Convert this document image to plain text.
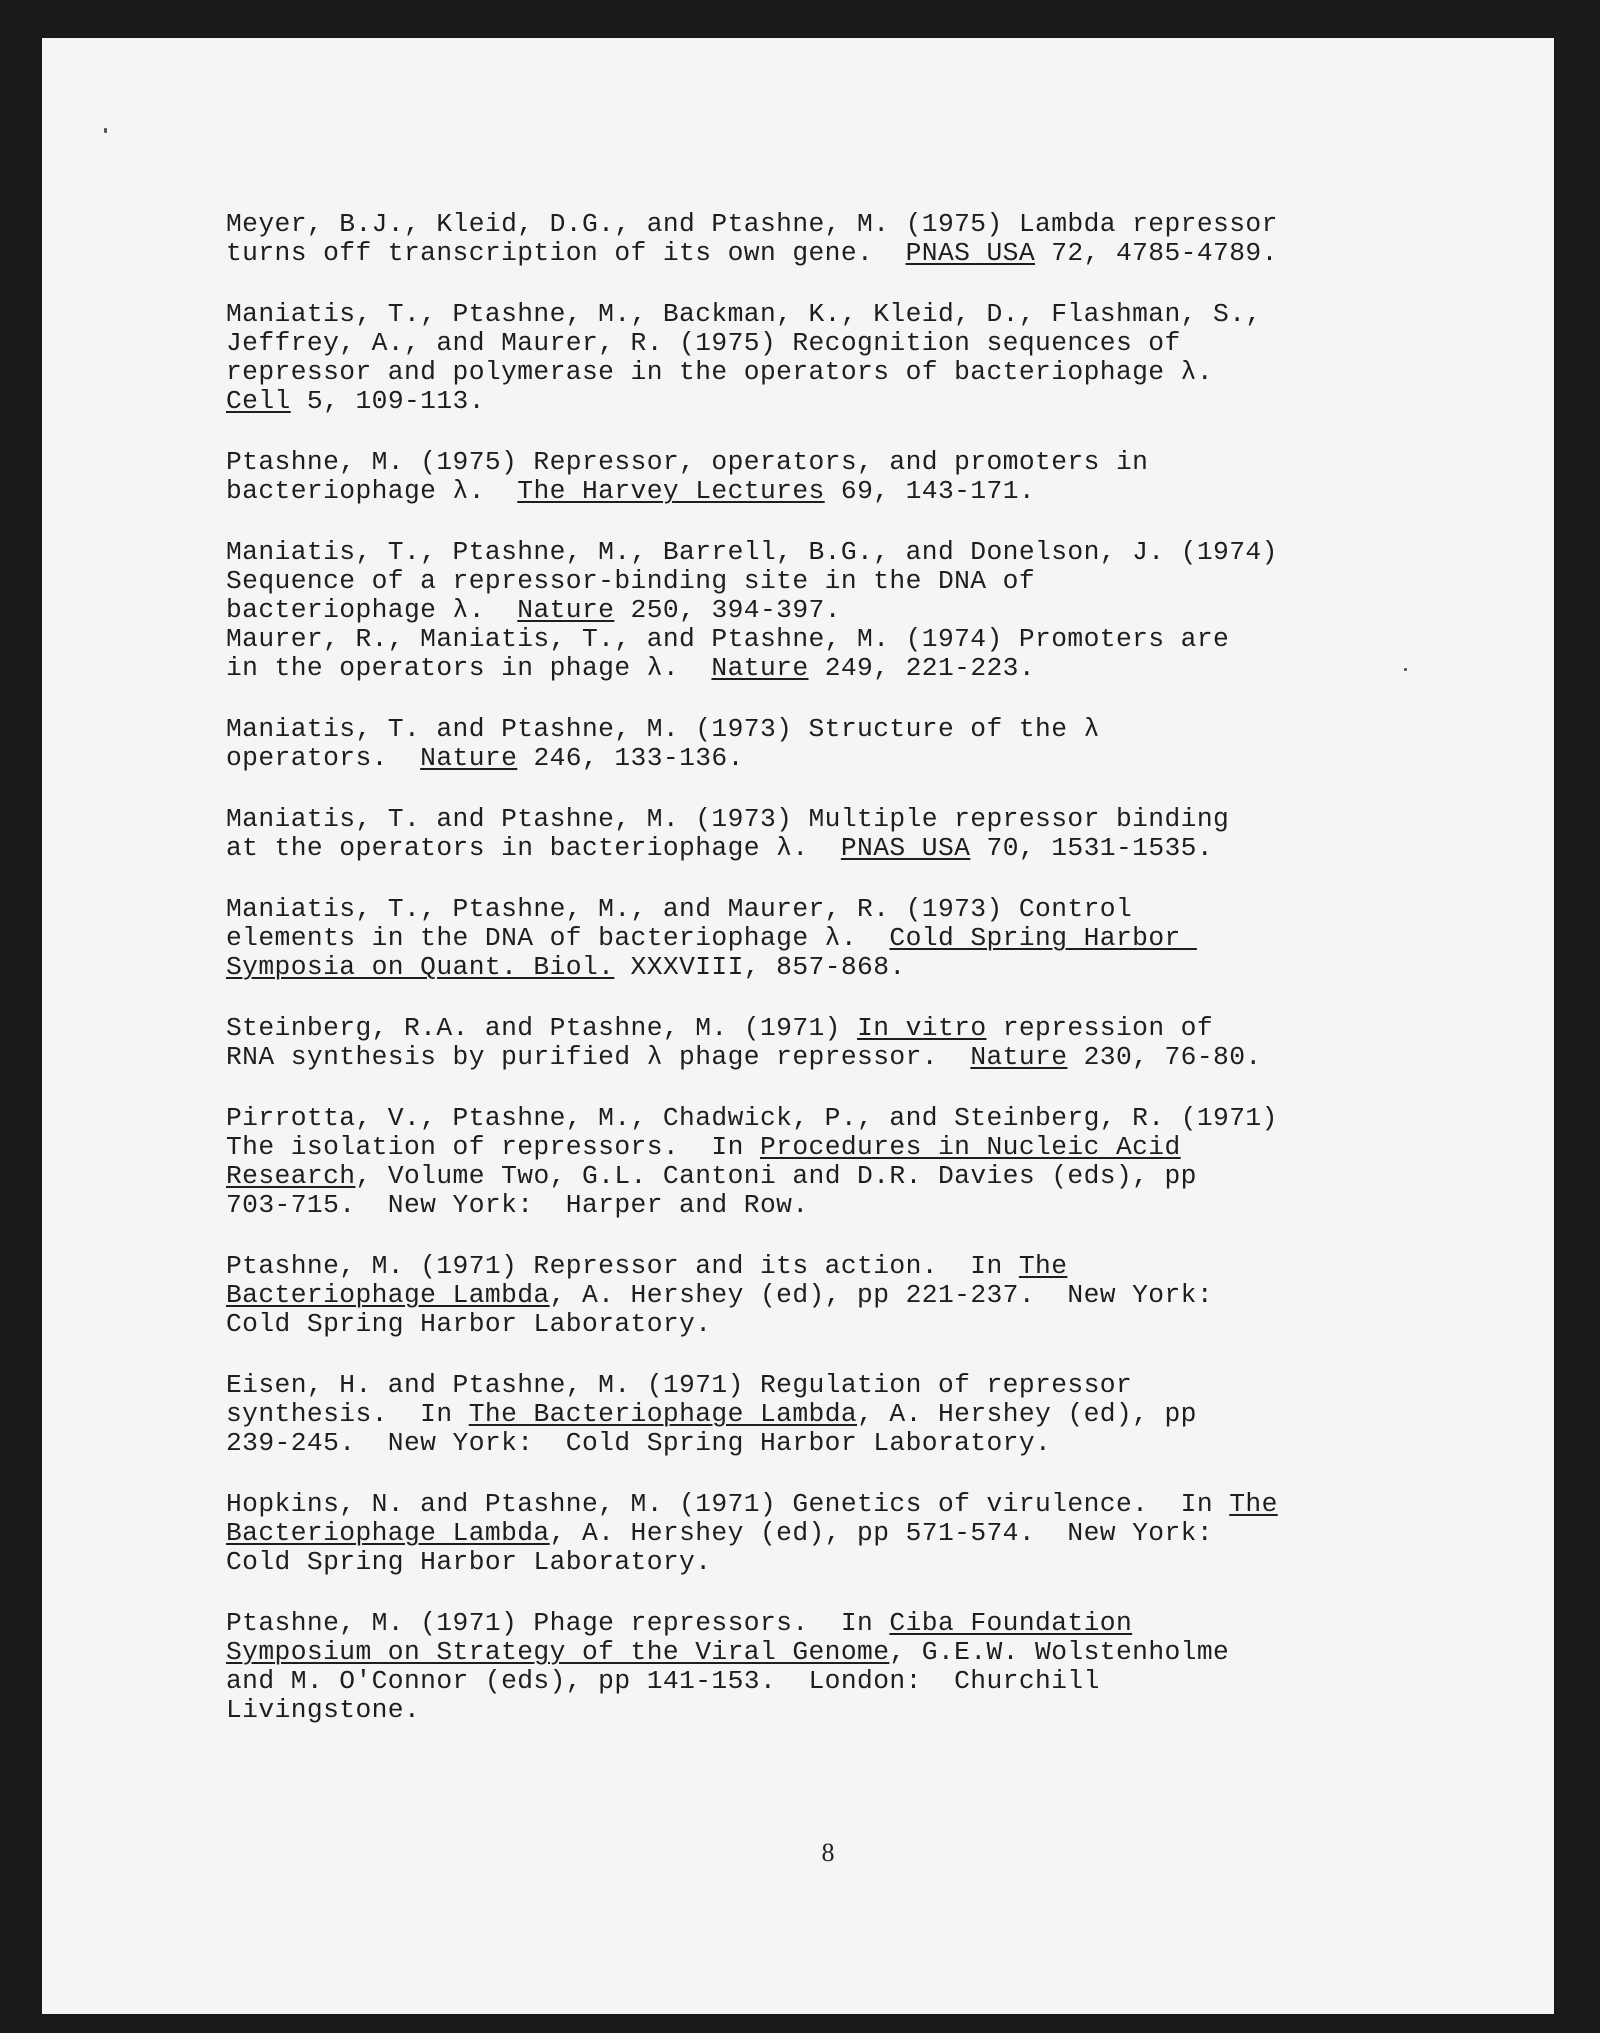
Meyer, B.J., Kleid, D.G., and Ptashne, M. (1975) Lambda repressor
turns off transcription of its own gene.  PNAS USA 72, 4785-4789.
Maniatis, T., Ptashne, M., Backman, K., Kleid, D., Flashman, S.,
Jeffrey, A., and Maurer, R. (1975) Recognition sequences of
repressor and polymerase in the operators of bacteriophage λ.
Cell 5, 109-113.
Ptashne, M. (1975) Repressor, operators, and promoters in
bacteriophage λ.  The Harvey Lectures 69, 143-171.
Maniatis, T., Ptashne, M., Barrell, B.G., and Donelson, J. (1974)
Sequence of a repressor-binding site in the DNA of
bacteriophage λ.  Nature 250, 394-397.
Maurer, R., Maniatis, T., and Ptashne, M. (1974) Promoters are
in the operators in phage λ.  Nature 249, 221-223.
Maniatis, T. and Ptashne, M. (1973) Structure of the λ
operators.  Nature 246, 133-136.
Maniatis, T. and Ptashne, M. (1973) Multiple repressor binding
at the operators in bacteriophage λ.  PNAS USA 70, 1531-1535.
Maniatis, T., Ptashne, M., and Maurer, R. (1973) Control
elements in the DNA of bacteriophage λ.  Cold Spring Harbor
Symposia on Quant. Biol. XXXVIII, 857-868.
Steinberg, R.A. and Ptashne, M. (1971) In vitro repression of
RNA synthesis by purified λ phage repressor.  Nature 230, 76-80.
Pirrotta, V., Ptashne, M., Chadwick, P., and Steinberg, R. (1971)
The isolation of repressors.  In Procedures in Nucleic Acid
Research, Volume Two, G.L. Cantoni and D.R. Davies (eds), pp
703-715.  New York:  Harper and Row.
Ptashne, M. (1971) Repressor and its action.  In The
Bacteriophage Lambda, A. Hershey (ed), pp 221-237.  New York:
Cold Spring Harbor Laboratory.
Eisen, H. and Ptashne, M. (1971) Regulation of repressor
synthesis.  In The Bacteriophage Lambda, A. Hershey (ed), pp
239-245.  New York:  Cold Spring Harbor Laboratory.
Hopkins, N. and Ptashne, M. (1971) Genetics of virulence.  In The
Bacteriophage Lambda, A. Hershey (ed), pp 571-574.  New York:
Cold Spring Harbor Laboratory.
Ptashne, M. (1971) Phage repressors.  In Ciba Foundation
Symposium on Strategy of the Viral Genome, G.E.W. Wolstenholme
and M. O'Connor (eds), pp 141-153.  London:  Churchill
Livingstone.
8
